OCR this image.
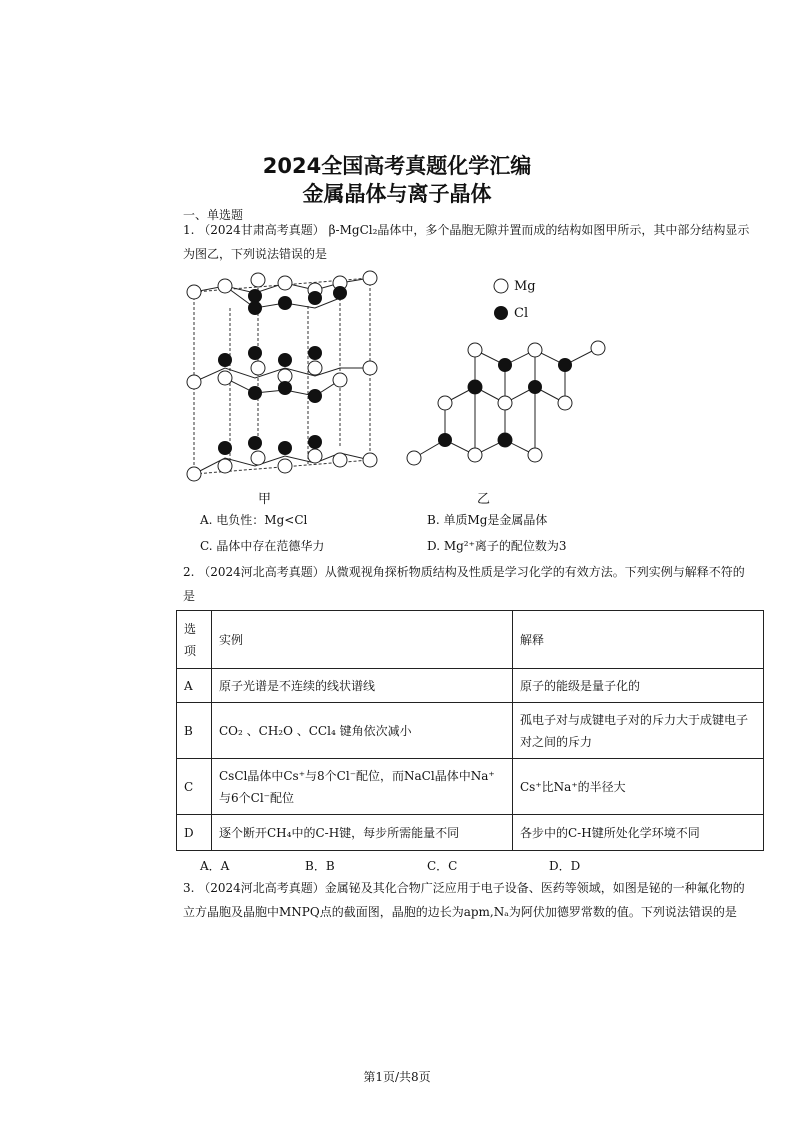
2024全国高考真题化学汇编
金属晶体与离子晶体
一、单选题
1. （2024甘肃高考真题） β-MgCl₂晶体中，多个晶胞无隙并置而成的结构如图甲所示，其中部分结构显示
为图乙，下列说法错误的是
甲
Mg
Cl
乙
A. 电负性：Mg<Cl	B. 单质Mg是金属晶体
C. 晶体中存在范德华力	D. Mg²⁺离子的配位数为3
2. （2024河北高考真题）从微观视角探析物质结构及性质是学习化学的有效方法。下列实例与解释不符的
是
选项	实例	解释
A	原子光谱是不连续的线状谱线	原子的能级是量子化的
B	CO₂ 、CH₂O 、CCl₄ 键角依次减小	孤电子对与成键电子对的斥力大于成键电子对之间的斥力
C	CsCl晶体中Cs⁺与8个Cl⁻配位，而NaCl晶体中Na⁺与6个Cl⁻配位	Cs⁺比Na⁺的半径大
D	逐个断开CH₄中的C-H键，每步所需能量不同	各步中的C-H键所处化学环境不同
A．A	B．B	C．C	D．D
3. （2024河北高考真题）金属铋及其化合物广泛应用于电子设备、医药等领域，如图是铋的一种氟化物的
立方晶胞及晶胞中MNPQ点的截面图，晶胞的边长为apm,Nₐ为阿伏加德罗常数的值。下列说法错误的是
第1页/共8页
